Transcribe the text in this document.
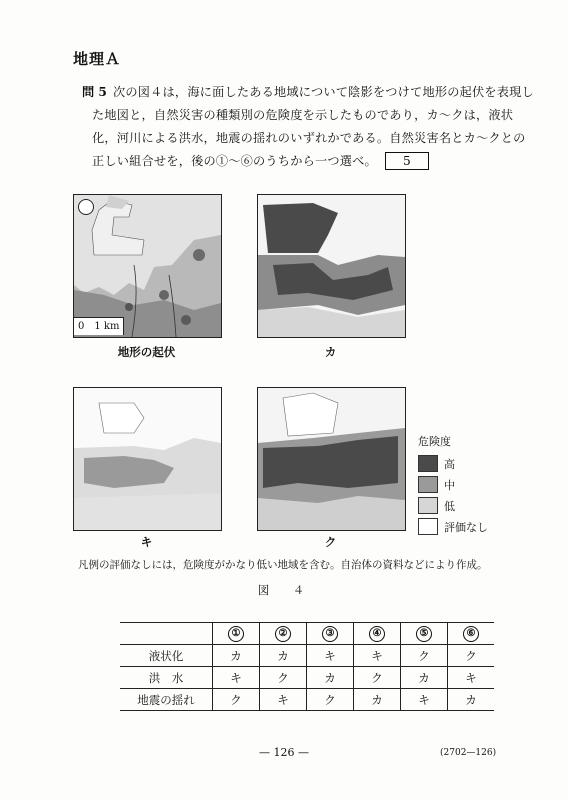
地理Ａ
問 5 次の図４は，海に面したある地域について陰影をつけて地形の起伏を表現し
た地図と，自然災害の種類別の危険度を示したものであり，カ～クは，液状
化，河川による洪水，地震の揺れのいずれかである。自然災害名とカ～クとの
正しい組合せを，後の①～⑥のうちから一つ選べ。 5
0　1 km
地形の起伏	カ
キ	ク
危険度
高
中
低
評価なし
凡例の評価なしには，危険度がかなり低い地域を含む。自治体の資料などにより作成。
図　４
	①	②	③	④	⑤	⑥
液状化	カ	カ	キ	キ	ク	ク
洪　水	キ	ク	カ	ク	カ	キ
地震の揺れ	ク	キ	ク	カ	キ	カ
— 126 —	(2702—126)
